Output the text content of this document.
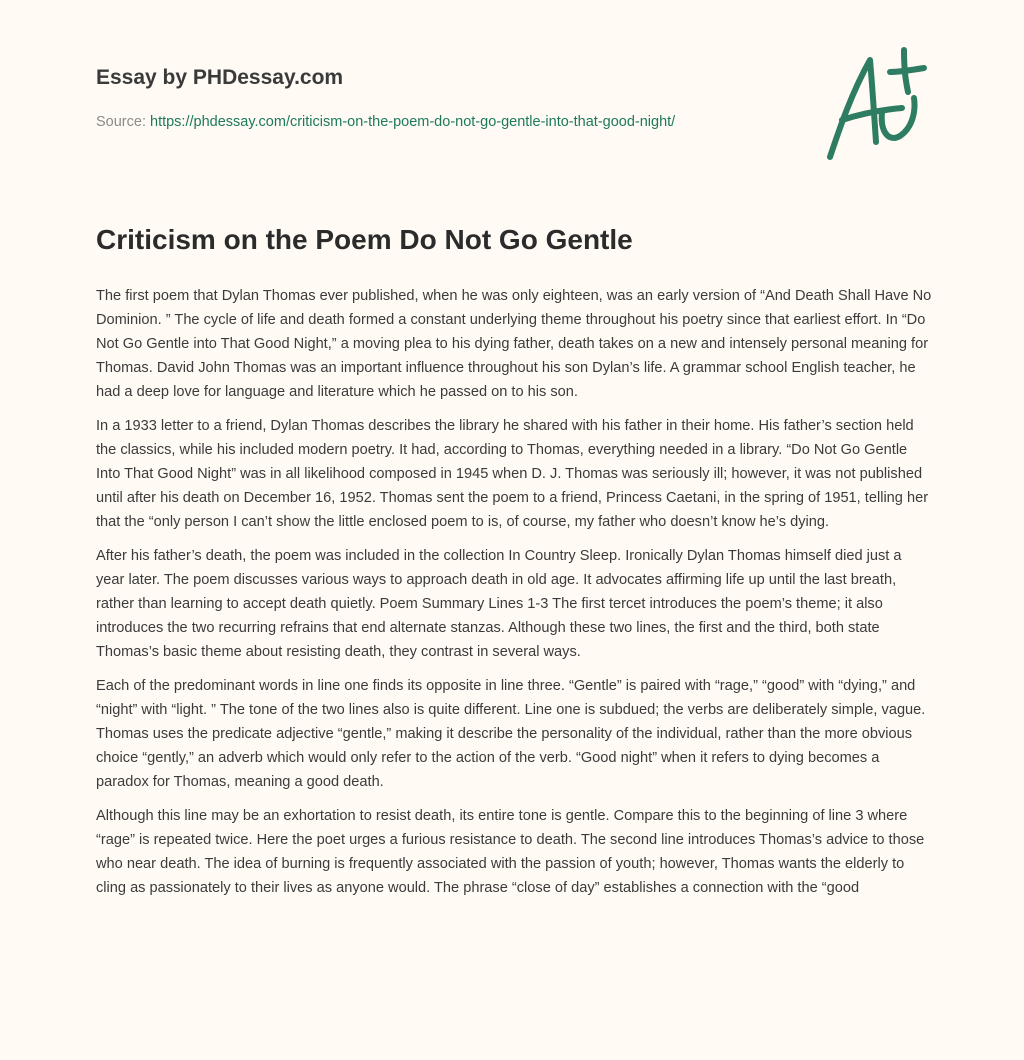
Essay by PHDessay.com

Source: https://phdessay.com/criticism-on-the-poem-do-not-go-gentle-into-that-good-night/
Criticism on the Poem Do Not Go Gentle

The first poem that Dylan Thomas ever published, when he was only eighteen, was an early version of “And Death Shall Have No Dominion. ” The cycle of life and death formed a constant underlying theme throughout his poetry since that earliest effort. In “Do Not Go Gentle into That Good Night,” a moving plea to his dying father, death takes on a new and intensely personal meaning for Thomas. David John Thomas was an important influence throughout his son Dylan’s life. A grammar school English teacher, he had a deep love for language and literature which he passed on to his son.

In a 1933 letter to a friend, Dylan Thomas describes the library he shared with his father in their home. His father’s section held the classics, while his included modern poetry. It had, according to Thomas, everything needed in a library. “Do Not Go Gentle Into That Good Night” was in all likelihood composed in 1945 when D. J. Thomas was seriously ill; however, it was not published until after his death on December 16, 1952. Thomas sent the poem to a friend, Princess Caetani, in the spring of 1951, telling her that the “only person I can’t show the little enclosed poem to is, of course, my father who doesn’t know he’s dying.

After his father’s death, the poem was included in the collection In Country Sleep. Ironically Dylan Thomas himself died just a year later. The poem discusses various ways to approach death in old age. It advocates affirming life up until the last breath, rather than learning to accept death quietly. Poem Summary Lines 1-3 The first tercet introduces the poem’s theme; it also introduces the two recurring refrains that end alternate stanzas. Although these two lines, the first and the third, both state Thomas’s basic theme about resisting death, they contrast in several ways.

Each of the predominant words in line one finds its opposite in line three. “Gentle” is paired with “rage,” “good” with “dying,” and “night” with “light. ” The tone of the two lines also is quite different. Line one is subdued; the verbs are deliberately simple, vague. Thomas uses the predicate adjective “gentle,” making it describe the personality of the individual, rather than the more obvious choice “gently,” an adverb which would only refer to the action of the verb. “Good night” when it refers to dying becomes a paradox for Thomas, meaning a good death.

Although this line may be an exhortation to resist death, its entire tone is gentle. Compare this to the beginning of line 3 where “rage” is repeated twice. Here the poet urges a furious resistance to death. The second line introduces Thomas’s advice to those who near death. The idea of burning is frequently associated with the passion of youth; however, Thomas wants the elderly to cling as passionately to their lives as anyone would. The phrase “close of day” establishes a connection with the “good
